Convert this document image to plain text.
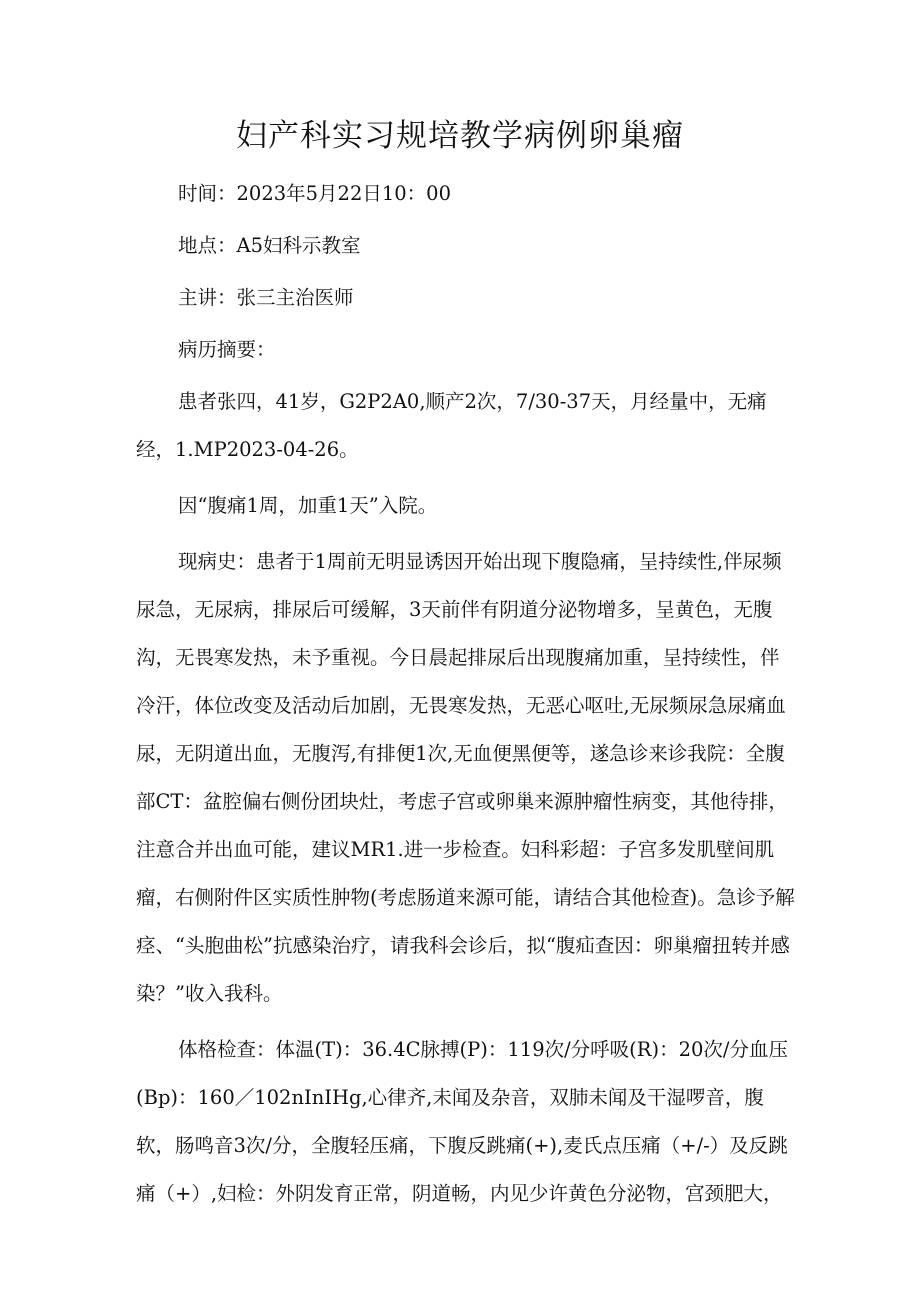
妇产科实习规培教学病例卵巢瘤

时间：2023年5月22日10：00

地点：A5妇科示教室

主讲：张三主治医师

病历摘要：

患者张四，41岁，G2P2A0,顺产2次，7/30-37天，月经量中，无痛经，1.MP2023-04-26。

因“腹痛1周，加重1天”入院。

现病史：患者于1周前无明显诱因开始出现下腹隐痛，呈持续性,伴尿频尿急，无尿病，排尿后可缓解，3天前伴有阴道分泌物增多，呈黄色，无腹沟，无畏寒发热，未予重视。今日晨起排尿后出现腹痛加重，呈持续性，伴冷汗，体位改变及活动后加剧，无畏寒发热，无恶心呕吐,无尿频尿急尿痛血尿，无阴道出血，无腹泻,有排便1次,无血便黑便等，遂急诊来诊我院：全腹部CT：盆腔偏右侧份团块灶，考虑子宫或卵巢来源肿瘤性病变，其他待排，注意合并出血可能，建议MR1.进一步检查。妇科彩超：子宫多发肌壁间肌瘤，右侧附件区实质性肿物(考虑肠道来源可能，请结合其他检查)。急诊予解痉、“头胞曲松”抗感染治疗，请我科会诊后，拟“腹疝查因：卵巢瘤扭转并感染？”收入我科。

体格检查：体温(T)：36.4C脉搏(P)：119次/分呼吸(R)：20次/分血压(Bp)：160／102nInIHg,心律齐,未闻及杂音，双肺未闻及干湿啰音，腹软，肠鸣音3次/分，全腹轻压痛，下腹反跳痛(+),麦氏点压痛（+/-）及反跳痛（+）,妇检：外阴发育正常，阴道畅，内见少许黄色分泌物，宫颈肥大，
